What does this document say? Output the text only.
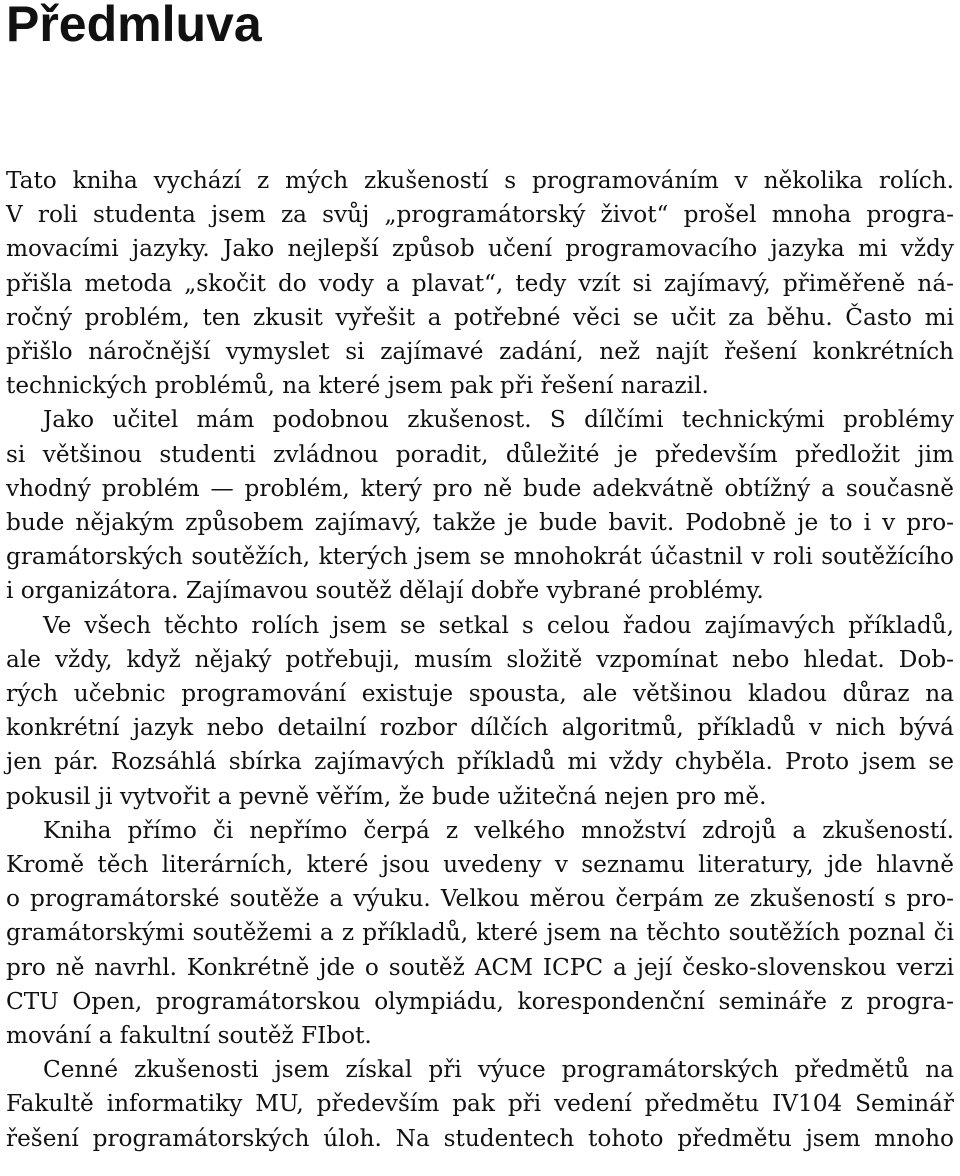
Předmluva
Tato kniha vychází z mých zkušeností s programováním v několika rolích.
V roli studenta jsem za svůj „programátorský život“ prošel mnoha progra-
movacími jazyky. Jako nejlepší způsob učení programovacího jazyka mi vždy
přišla metoda „skočit do vody a plavat“, tedy vzít si zajímavý, přiměřeně ná-
ročný problém, ten zkusit vyřešit a potřebné věci se učit za běhu. Často mi
přišlo náročnější vymyslet si zajímavé zadání, než najít řešení konkrétních
technických problémů, na které jsem pak při řešení narazil.
Jako učitel mám podobnou zkušenost. S dílčími technickými problémy
si většinou studenti zvládnou poradit, důležité je především předložit jim
vhodný problém — problém, který pro ně bude adekvátně obtížný a současně
bude nějakým způsobem zajímavý, takže je bude bavit. Podobně je to i v pro-
gramátorských soutěžích, kterých jsem se mnohokrát účastnil v roli soutěžícího
i organizátora. Zajímavou soutěž dělají dobře vybrané problémy.
Ve všech těchto rolích jsem se setkal s celou řadou zajímavých příkladů,
ale vždy, když nějaký potřebuji, musím složitě vzpomínat nebo hledat. Dob-
rých učebnic programování existuje spousta, ale většinou kladou důraz na
konkrétní jazyk nebo detailní rozbor dílčích algoritmů, příkladů v nich bývá
jen pár. Rozsáhlá sbírka zajímavých příkladů mi vždy chyběla. Proto jsem se
pokusil ji vytvořit a pevně věřím, že bude užitečná nejen pro mě.
Kniha přímo či nepřímo čerpá z velkého množství zdrojů a zkušeností.
Kromě těch literárních, které jsou uvedeny v seznamu literatury, jde hlavně
o programátorské soutěže a výuku. Velkou měrou čerpám ze zkušeností s pro-
gramátorskými soutěžemi a z příkladů, které jsem na těchto soutěžích poznal či
pro ně navrhl. Konkrétně jde o soutěž ACM ICPC a její česko-slovenskou verzi
CTU Open, programátorskou olympiádu, korespondenční semináře z progra-
mování a fakultní soutěž FIbot.
Cenné zkušenosti jsem získal při výuce programátorských předmětů na
Fakultě informatiky MU, především pak při vedení předmětu IV104 Seminář
řešení programátorských úloh. Na studentech tohoto předmětu jsem mnoho
